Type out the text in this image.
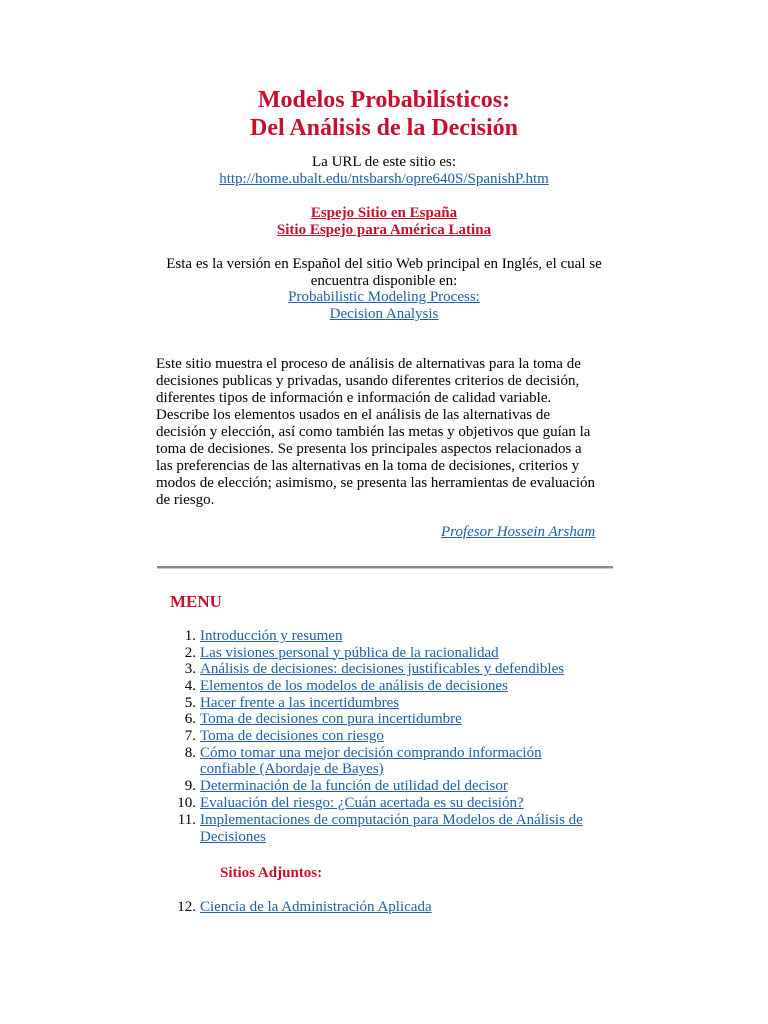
Modelos Probabilísticos:
Del Análisis de la Decisión
La URL de este sitio es:
http://home.ubalt.edu/ntsbarsh/opre640S/SpanishP.htm
Espejo Sitio en España
Sitio Espejo para América Latina
Esta es la versión en Español del sitio Web principal en Inglés, el cual se
encuentra disponible en:
Probabilistic Modeling Process:
Decision Analysis
Este sitio muestra el proceso de análisis de alternativas para la toma de
decisiones publicas y privadas, usando diferentes criterios de decisión,
diferentes tipos de información e información de calidad variable.
Describe los elementos usados en el análisis de las alternativas de
decisión y elección, así como también las metas y objetivos que guían la
toma de decisiones. Se presenta los principales aspectos relacionados a
las preferencias de las alternativas en la toma de decisiones, criterios y
modos de elección; asimismo, se presenta las herramientas de evaluación
de riesgo.
Profesor Hossein Arsham
MENU
1. Introducción y resumen
2. Las visiones personal y pública de la racionalidad
3. Análisis de decisiones: decisiones justificables y defendibles
4. Elementos de los modelos de análisis de decisiones
5. Hacer frente a las incertidumbres
6. Toma de decisiones con pura incertidumbre
7. Toma de decisiones con riesgo
8. Cómo tomar una mejor decisión comprando información
confiable (Abordaje de Bayes)
9. Determinación de la función de utilidad del decisor
10. Evaluación del riesgo: ¿Cuán acertada es su decisión?
11. Implementaciones de computación para Modelos de Análisis de
Decisiones
Sitios Adjuntos:
12. Ciencia de la Administración Aplicada
